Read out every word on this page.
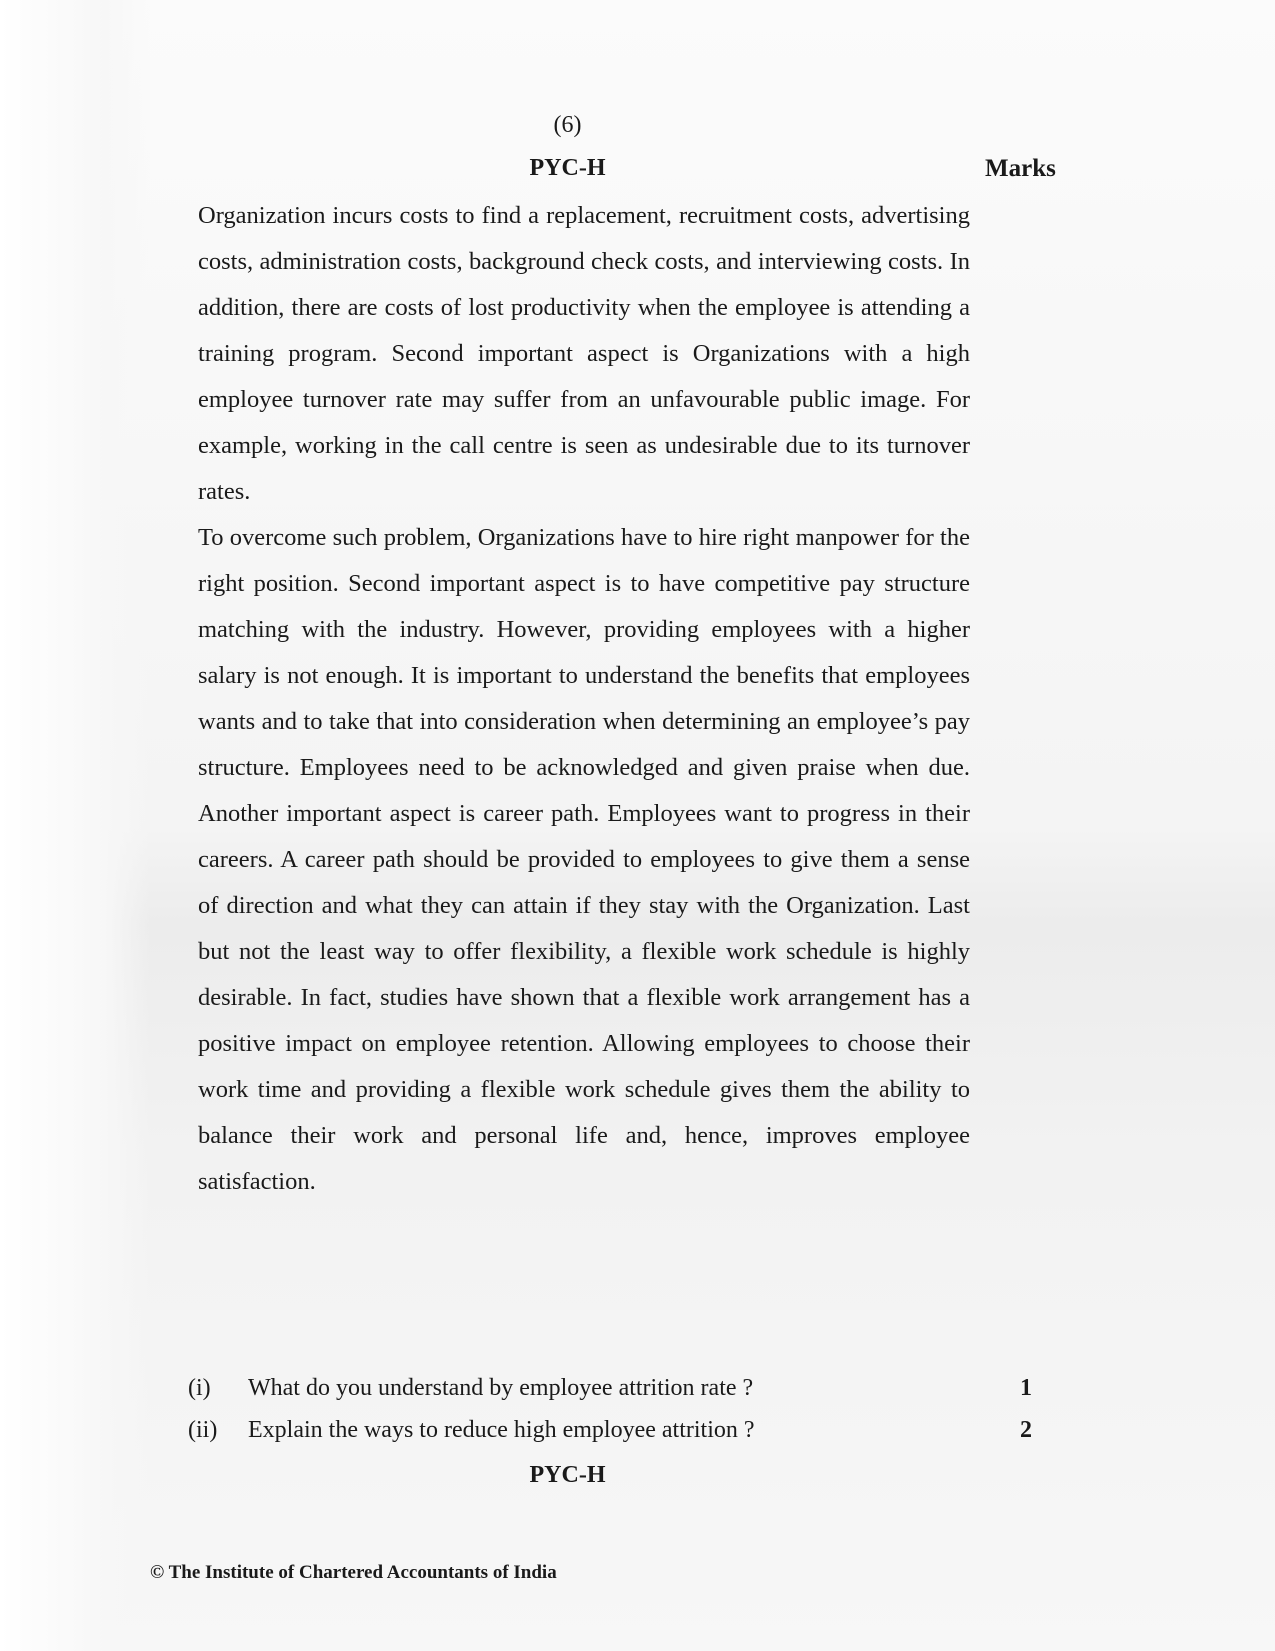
(6)
PYC-H	Marks

Organization incurs costs to find a replacement, recruitment costs, advertising costs, administration costs, background check costs, and interviewing costs. In addition, there are costs of lost productivity when the employee is attending a training program. Second important aspect is Organizations with a high employee turnover rate may suffer from an unfavourable public image. For example, working in the call centre is seen as undesirable due to its turnover rates.

To overcome such problem, Organizations have to hire right manpower for the right position. Second important aspect is to have competitive pay structure matching with the industry. However, providing employees with a higher salary is not enough. It is important to understand the benefits that employees wants and to take that into consideration when determining an employee’s pay structure. Employees need to be acknowledged and given praise when due. Another important aspect is career path. Employees want to progress in their careers. A career path should be provided to employees to give them a sense of direction and what they can attain if they stay with the Organization. Last but not the least way to offer flexibility, a flexible work schedule is highly desirable. In fact, studies have shown that a flexible work arrangement has a positive impact on employee retention. Allowing employees to choose their work time and providing a flexible work schedule gives them the ability to balance their work and personal life and, hence, improves employee satisfaction.

(i) What do you understand by employee attrition rate ?	1
(ii) Explain the ways to reduce high employee attrition ?	2
PYC-H
© The Institute of Chartered Accountants of India
